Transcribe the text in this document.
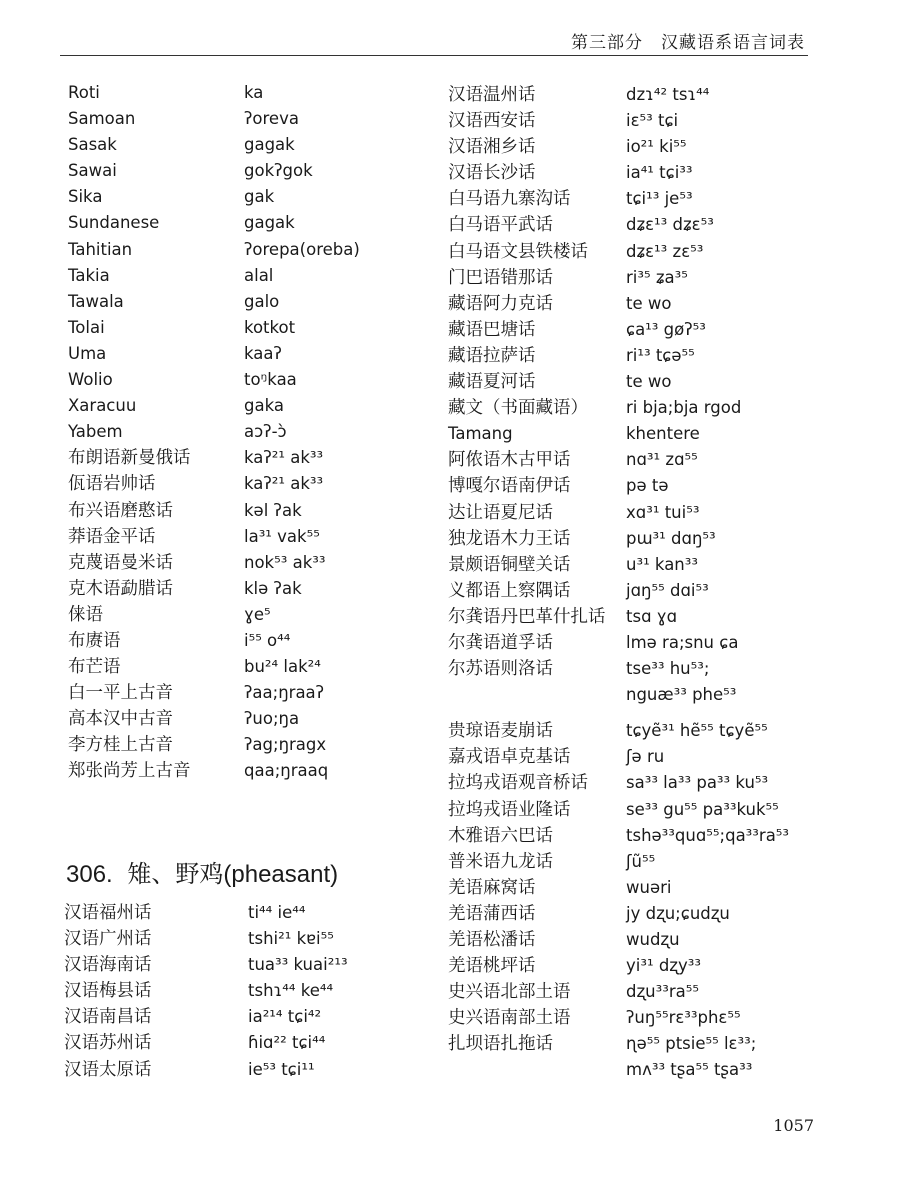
第三部分　汉藏语系语言词表
Roti	ka
Samoan	ʔoreva
Sasak	gagak
Sawai	gokʔgok
Sika	gak
Sundanese	gagak
Tahitian	ʔorepa(oreba)
Takia	alal
Tawala	galo
Tolai	kotkot
Uma	kaaʔ
Wolio	toᵑkaa
Xaracuu	gaka
Yabem	aɔʔ-ɔ̀
布朗语新曼俄话	kaʔ²¹ ak³³
佤语岩帅话	kaʔ²¹ ak³³
布兴语磨憨话	kəl ʔak
莽语金平话	la³¹ vak⁵⁵
克蔑语曼米话	nok⁵³ ak³³
克木语勐腊话	klə ʔak
俫语	ɣe⁵
布赓语	i⁵⁵ o⁴⁴
布芒语	bu²⁴ lak²⁴
白一平上古音	ʔaa;ŋraaʔ
高本汉中古音	ʔuo;ŋa
李方桂上古音	ʔag;ŋragx
郑张尚芳上古音	qaa;ŋraaq
306. 雉、野鸡(pheasant)
汉语福州话	ti⁴⁴ ie⁴⁴
汉语广州话	tshi²¹ kɐi⁵⁵
汉语海南话	tua³³ kuai²¹³
汉语梅县话	tshɿ⁴⁴ ke⁴⁴
汉语南昌话	ia²¹⁴ tɕi⁴²
汉语苏州话	ɦiɑ²² tɕi⁴⁴
汉语太原话	ie⁵³ tɕi¹¹
汉语温州话	dzɿ⁴² tsɿ⁴⁴
汉语西安话	iɛ⁵³ tɕi
汉语湘乡话	io²¹ ki⁵⁵
汉语长沙话	ia⁴¹ tɕi³³
白马语九寨沟话	tɕi¹³ je⁵³
白马语平武话	dʑɛ¹³ dʑɛ⁵³
白马语文县铁楼话 dʑɛ¹³ zɛ⁵³
门巴语错那话	ri³⁵ ʑa³⁵
藏语阿力克话	te wo
藏语巴塘话	ɕa¹³ gøʔ⁵³
藏语拉萨话	ri¹³ tɕə⁵⁵
藏语夏河话	te wo
藏文（书面藏语） ri bja;bja rgod
Tamang	khentere
阿侬语木古甲话	nɑ³¹ zɑ⁵⁵
博嘎尔语南伊话	pə tə
达让语夏尼话	xɑ³¹ tui⁵³
独龙语木力王话	pɯ³¹ dɑŋ⁵³
景颇语铜壁关话	u³¹ kan³³
义都语上察隅话	jɑŋ⁵⁵ dɑi⁵³
尔龚语丹巴革什扎话 tsɑ ɣɑ
尔龚语道孚话	lmə ra;snu ɕa
尔苏语则洛话	tse³³ hu⁵³;
nguæ³³ phe⁵³
贵琼语麦崩话	tɕyẽ³¹ hẽ⁵⁵ tɕyẽ⁵⁵
嘉戎语卓克基话	ʃə ru
拉坞戎语观音桥话 sa³³ la³³ pa³³ ku⁵³
拉坞戎语业隆话	se³³ gu⁵⁵ pa³³kuk⁵⁵
木雅语六巴话	tshə³³quɑ⁵⁵;qa³³ra⁵³
普米语九龙话	ʃũ⁵⁵
羌语麻窝话	wuəri
羌语蒲西话	jy dʐu;ɕudʐu
羌语松潘话	wudʐu
羌语桃坪话	yi³¹ dʐy³³
史兴语北部土语	dʐu³³ra⁵⁵
史兴语南部土语	ʔuŋ⁵⁵rɛ³³phɛ⁵⁵
扎坝语扎拖话	ɳə⁵⁵ ptsie⁵⁵ lɛ³³;
mʌ³³ tʂa⁵⁵ tʂa³³
1057
